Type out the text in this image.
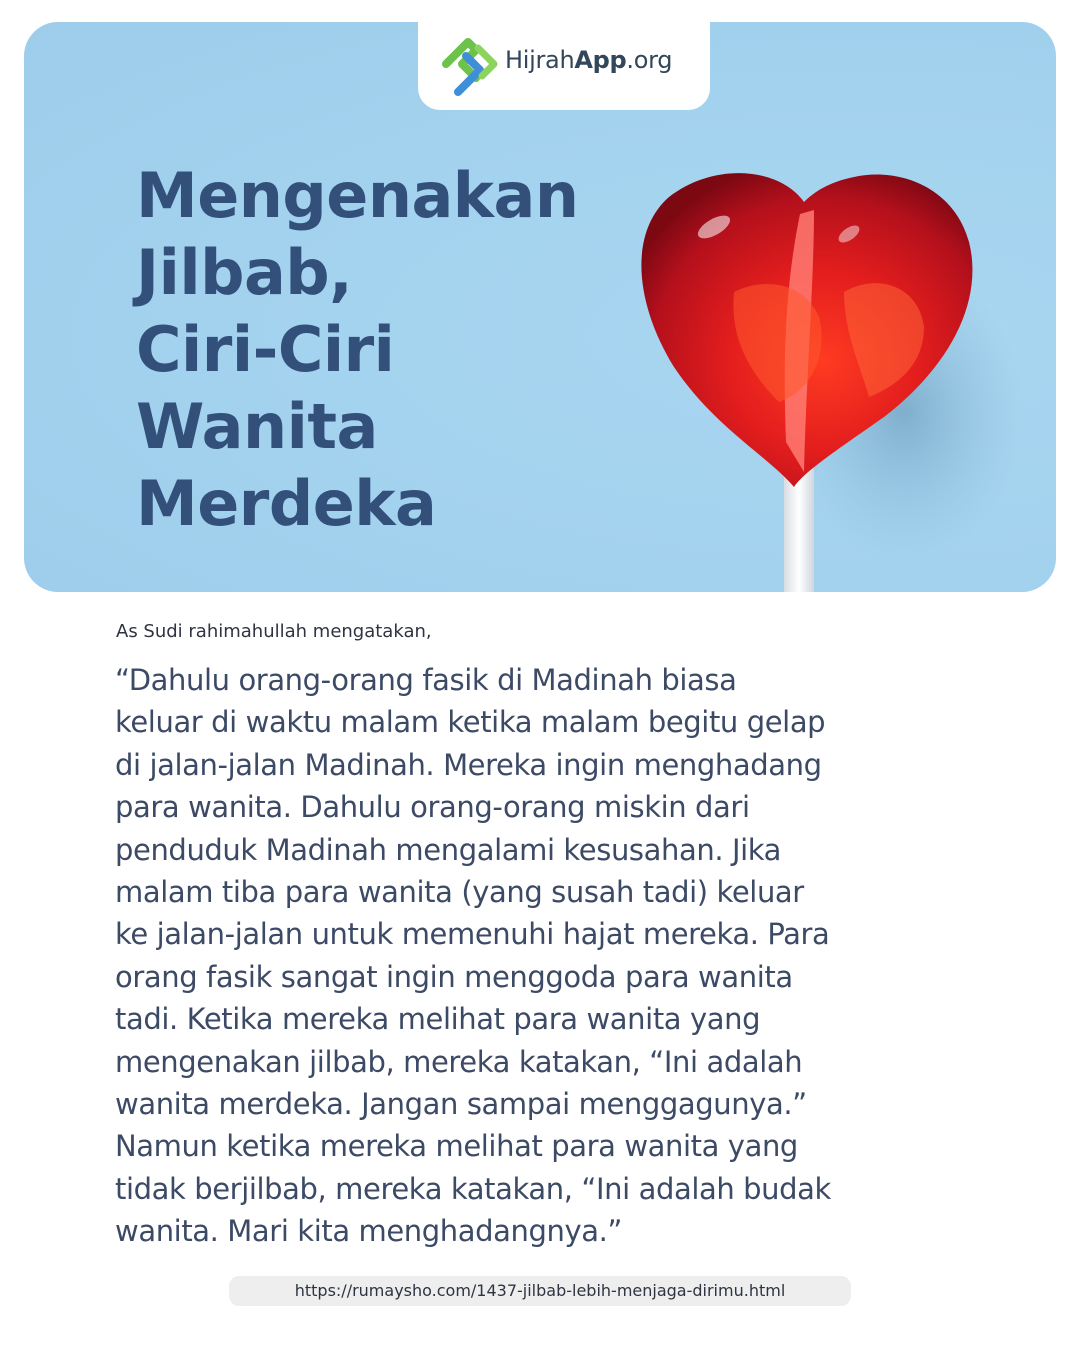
HijrahApp.org
Mengenakan
Jilbab,
Ciri-Ciri
Wanita
Merdeka

As Sudi rahimahullah mengatakan,

“Dahulu orang-orang fasik di Madinah biasa
keluar di waktu malam ketika malam begitu gelap
di jalan-jalan Madinah. Mereka ingin menghadang
para wanita. Dahulu orang-orang miskin dari
penduduk Madinah mengalami kesusahan. Jika
malam tiba para wanita (yang susah tadi) keluar
ke jalan-jalan untuk memenuhi hajat mereka. Para
orang fasik sangat ingin menggoda para wanita
tadi. Ketika mereka melihat para wanita yang
mengenakan jilbab, mereka katakan, “Ini adalah
wanita merdeka. Jangan sampai menggagunya.”
Namun ketika mereka melihat para wanita yang
tidak berjilbab, mereka katakan, “Ini adalah budak
wanita. Mari kita menghadangnya.”
https://rumaysho.com/1437-jilbab-lebih-menjaga-dirimu.html
